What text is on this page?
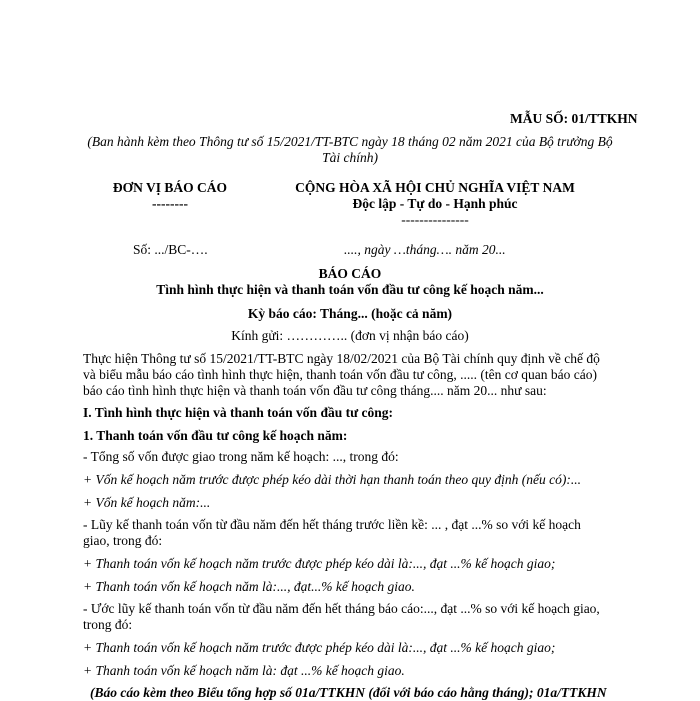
MẪU SỐ: 01/TTKHN
(Ban hành kèm theo Thông tư số 15/2021/TT-BTC ngày 18 tháng 02 năm 2021 của Bộ trưởng Bộ
Tài chính)
ĐƠN VỊ BÁO CÁO
--------
CỘNG HÒA XÃ HỘI CHỦ NGHĨA VIỆT NAM
Độc lập - Tự do - Hạnh phúc
---------------
Số: .../BC-….	...., ngày …tháng…. năm 20...
BÁO CÁO
Tình hình thực hiện và thanh toán vốn đầu tư công kế hoạch năm...
Kỳ báo cáo: Tháng... (hoặc cả năm)
Kính gửi: ………….. (đơn vị nhận báo cáo)
Thực hiện Thông tư số 15/2021/TT-BTC ngày 18/02/2021 của Bộ Tài chính quy định về chế độ
và biểu mẫu báo cáo tình hình thực hiện, thanh toán vốn đầu tư công, ..... (tên cơ quan báo cáo)
báo cáo tình hình thực hiện và thanh toán vốn đầu tư công tháng.... năm 20... như sau:
I. Tình hình thực hiện và thanh toán vốn đầu tư công:
1. Thanh toán vốn đầu tư công kế hoạch năm:
- Tổng số vốn được giao trong năm kế hoạch: ..., trong đó:
+ Vốn kế hoạch năm trước được phép kéo dài thời hạn thanh toán theo quy định (nếu có):...
+ Vốn kế hoạch năm:...
- Lũy kế thanh toán vốn từ đầu năm đến hết tháng trước liền kề: ... , đạt ...% so với kế hoạch
giao, trong đó:
+ Thanh toán vốn kế hoạch năm trước được phép kéo dài là:..., đạt ...% kế hoạch giao;
+ Thanh toán vốn kế hoạch năm là:..., đạt...% kế hoạch giao.
- Ước lũy kế thanh toán vốn từ đầu năm đến hết tháng báo cáo:..., đạt ...% so với kế hoạch giao,
trong đó:
+ Thanh toán vốn kế hoạch năm trước được phép kéo dài là:..., đạt ...% kế hoạch giao;
+ Thanh toán vốn kế hoạch năm là: đạt ...% kế hoạch giao.
(Báo cáo kèm theo Biểu tổng hợp số 01a/TTKHN (đối với báo cáo hằng tháng); 01a/TTKHN
